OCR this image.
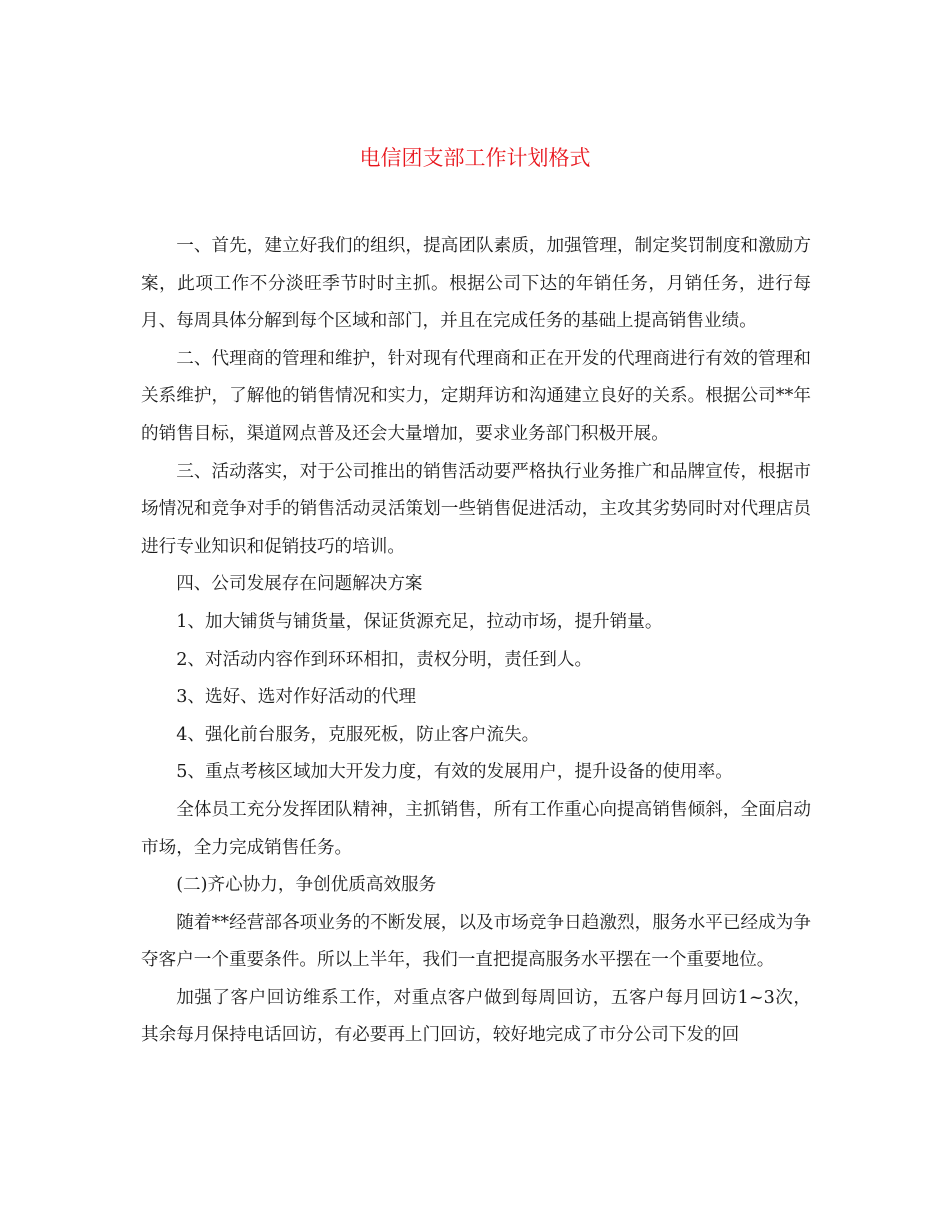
电信团支部工作计划格式

一、首先，建立好我们的组织，提高团队素质，加强管理，制定奖罚制度和激励方案，此项工作不分淡旺季节时时主抓。根据公司下达的年销任务，月销任务，进行每月、每周具体分解到每个区域和部门，并且在完成任务的基础上提高销售业绩。

二、代理商的管理和维护，针对现有代理商和正在开发的代理商进行有效的管理和关系维护，了解他的销售情况和实力，定期拜访和沟通建立良好的关系。根据公司**年的销售目标，渠道网点普及还会大量增加，要求业务部门积极开展。

三、活动落实，对于公司推出的销售活动要严格执行业务推广和品牌宣传，根据市场情况和竞争对手的销售活动灵活策划一些销售促进活动，主攻其劣势同时对代理店员进行专业知识和促销技巧的培训。

四、公司发展存在问题解决方案

1、加大铺货与铺货量，保证货源充足，拉动市场，提升销量。

2、对活动内容作到环环相扣，责权分明，责任到人。

3、选好、选对作好活动的代理

4、强化前台服务，克服死板，防止客户流失。

5、重点考核区域加大开发力度，有效的发展用户，提升设备的使用率。

全体员工充分发挥团队精神，主抓销售，所有工作重心向提高销售倾斜，全面启动市场，全力完成销售任务。

(二)齐心协力，争创优质高效服务

随着**经营部各项业务的不断发展，以及市场竞争日趋激烈，服务水平已经成为争夺客户一个重要条件。所以上半年，我们一直把提高服务水平摆在一个重要地位。

加强了客户回访维系工作，对重点客户做到每周回访，五客户每月回访1~3次，其余每月保持电话回访，有必要再上门回访，较好地完成了市分公司下发的回
